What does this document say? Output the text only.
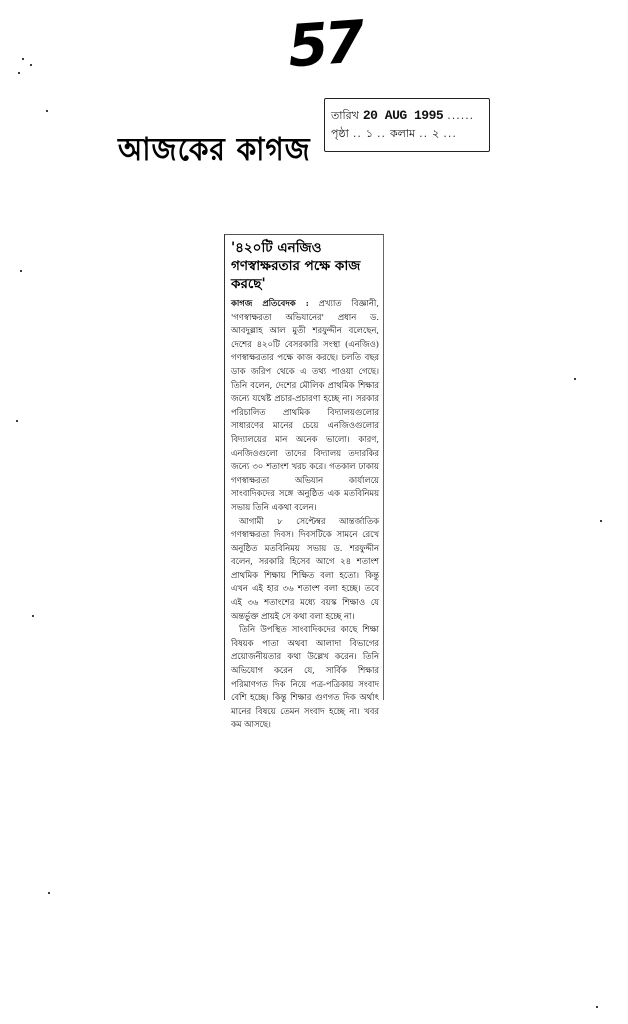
57
তারিখ 20 AUG 1995 ......
পৃষ্ঠা .. ১ .. কলাম .. ২ ...
আজকের কাগজ
'৪২০টি এনজিও গণস্বাক্ষরতার পক্ষে কাজ করছে'

কাগজ প্রতিবেদক : প্রখ্যাত বিজ্ঞানী, 'গণস্বাক্ষরতা অভিযানের' প্রধান ড. আবদুল্লাহ আল মুতী শরফুদ্দীন বলেছেন, দেশের ৪২০টি বেসরকারি সংস্থা (এনজিও) গণস্বাক্ষরতার পক্ষে কাজ করছে। চলতি বছর ডাক জরিপ থেকে এ তথ্য পাওয়া গেছে। তিনি বলেন, দেশের মৌলিক প্রাথমিক শিক্ষার জন্যে যথেষ্ট প্রচার-প্রচারণা হচ্ছে না। সরকার পরিচালিত প্রাথমিক বিদ্যালয়গুলোর সাধারণের মানের চেয়ে এনজিওগুলোর বিদ্যালয়ের মান অনেক ভালো। কারণ, এনজিওগুলো তাদের বিদ্যালয় তদারকির জন্যে ৩০ শতাংশ খরচ করে। গতকাল ঢাকায় গণস্বাক্ষরতা অভিযান কার্যালয়ে সাংবাদিকদের সঙ্গে অনুষ্ঠিত এক মতবিনিময় সভায় তিনি একথা বলেন।

আগামী ৮ সেপ্টেম্বর আন্তর্জাতিক গণস্বাক্ষরতা দিবস। দিবসটিকে সামনে রেখে অনুষ্ঠিত মতবিনিময় সভায় ড. শরফুদ্দীন বলেন, সরকারি হিসেব আগে ২৪ শতাংশ প্রাথমিক শিক্ষায় শিক্ষিত বলা হতো। কিন্তু এখন এই হার ৩৬ শতাংশ বলা হচ্ছে। তবে এই ৩৬ শতাংশের মধ্যে বয়স্ক শিক্ষাও যে অন্তর্ভুক্ত প্রায়ই সে কথা বলা হচ্ছে না।

তিনি উপস্থিত সাংবাদিকদের কাছে শিক্ষা বিষয়ক পাতা অথবা আলাদা বিভাগের প্রয়োজনীয়তার কথা উল্লেখ করেন। তিনি অভিযোগ করেন যে, সার্বিক শিক্ষার পরিমাণগত দিক নিয়ে পত্র-পত্রিকায় সংবাদ বেশি হচ্ছে। কিন্তু শিক্ষার গুণগত দিক অর্থাৎ মানের বিষয়ে তেমন সংবাদ হচ্ছে না। খবর কম আসছে।
